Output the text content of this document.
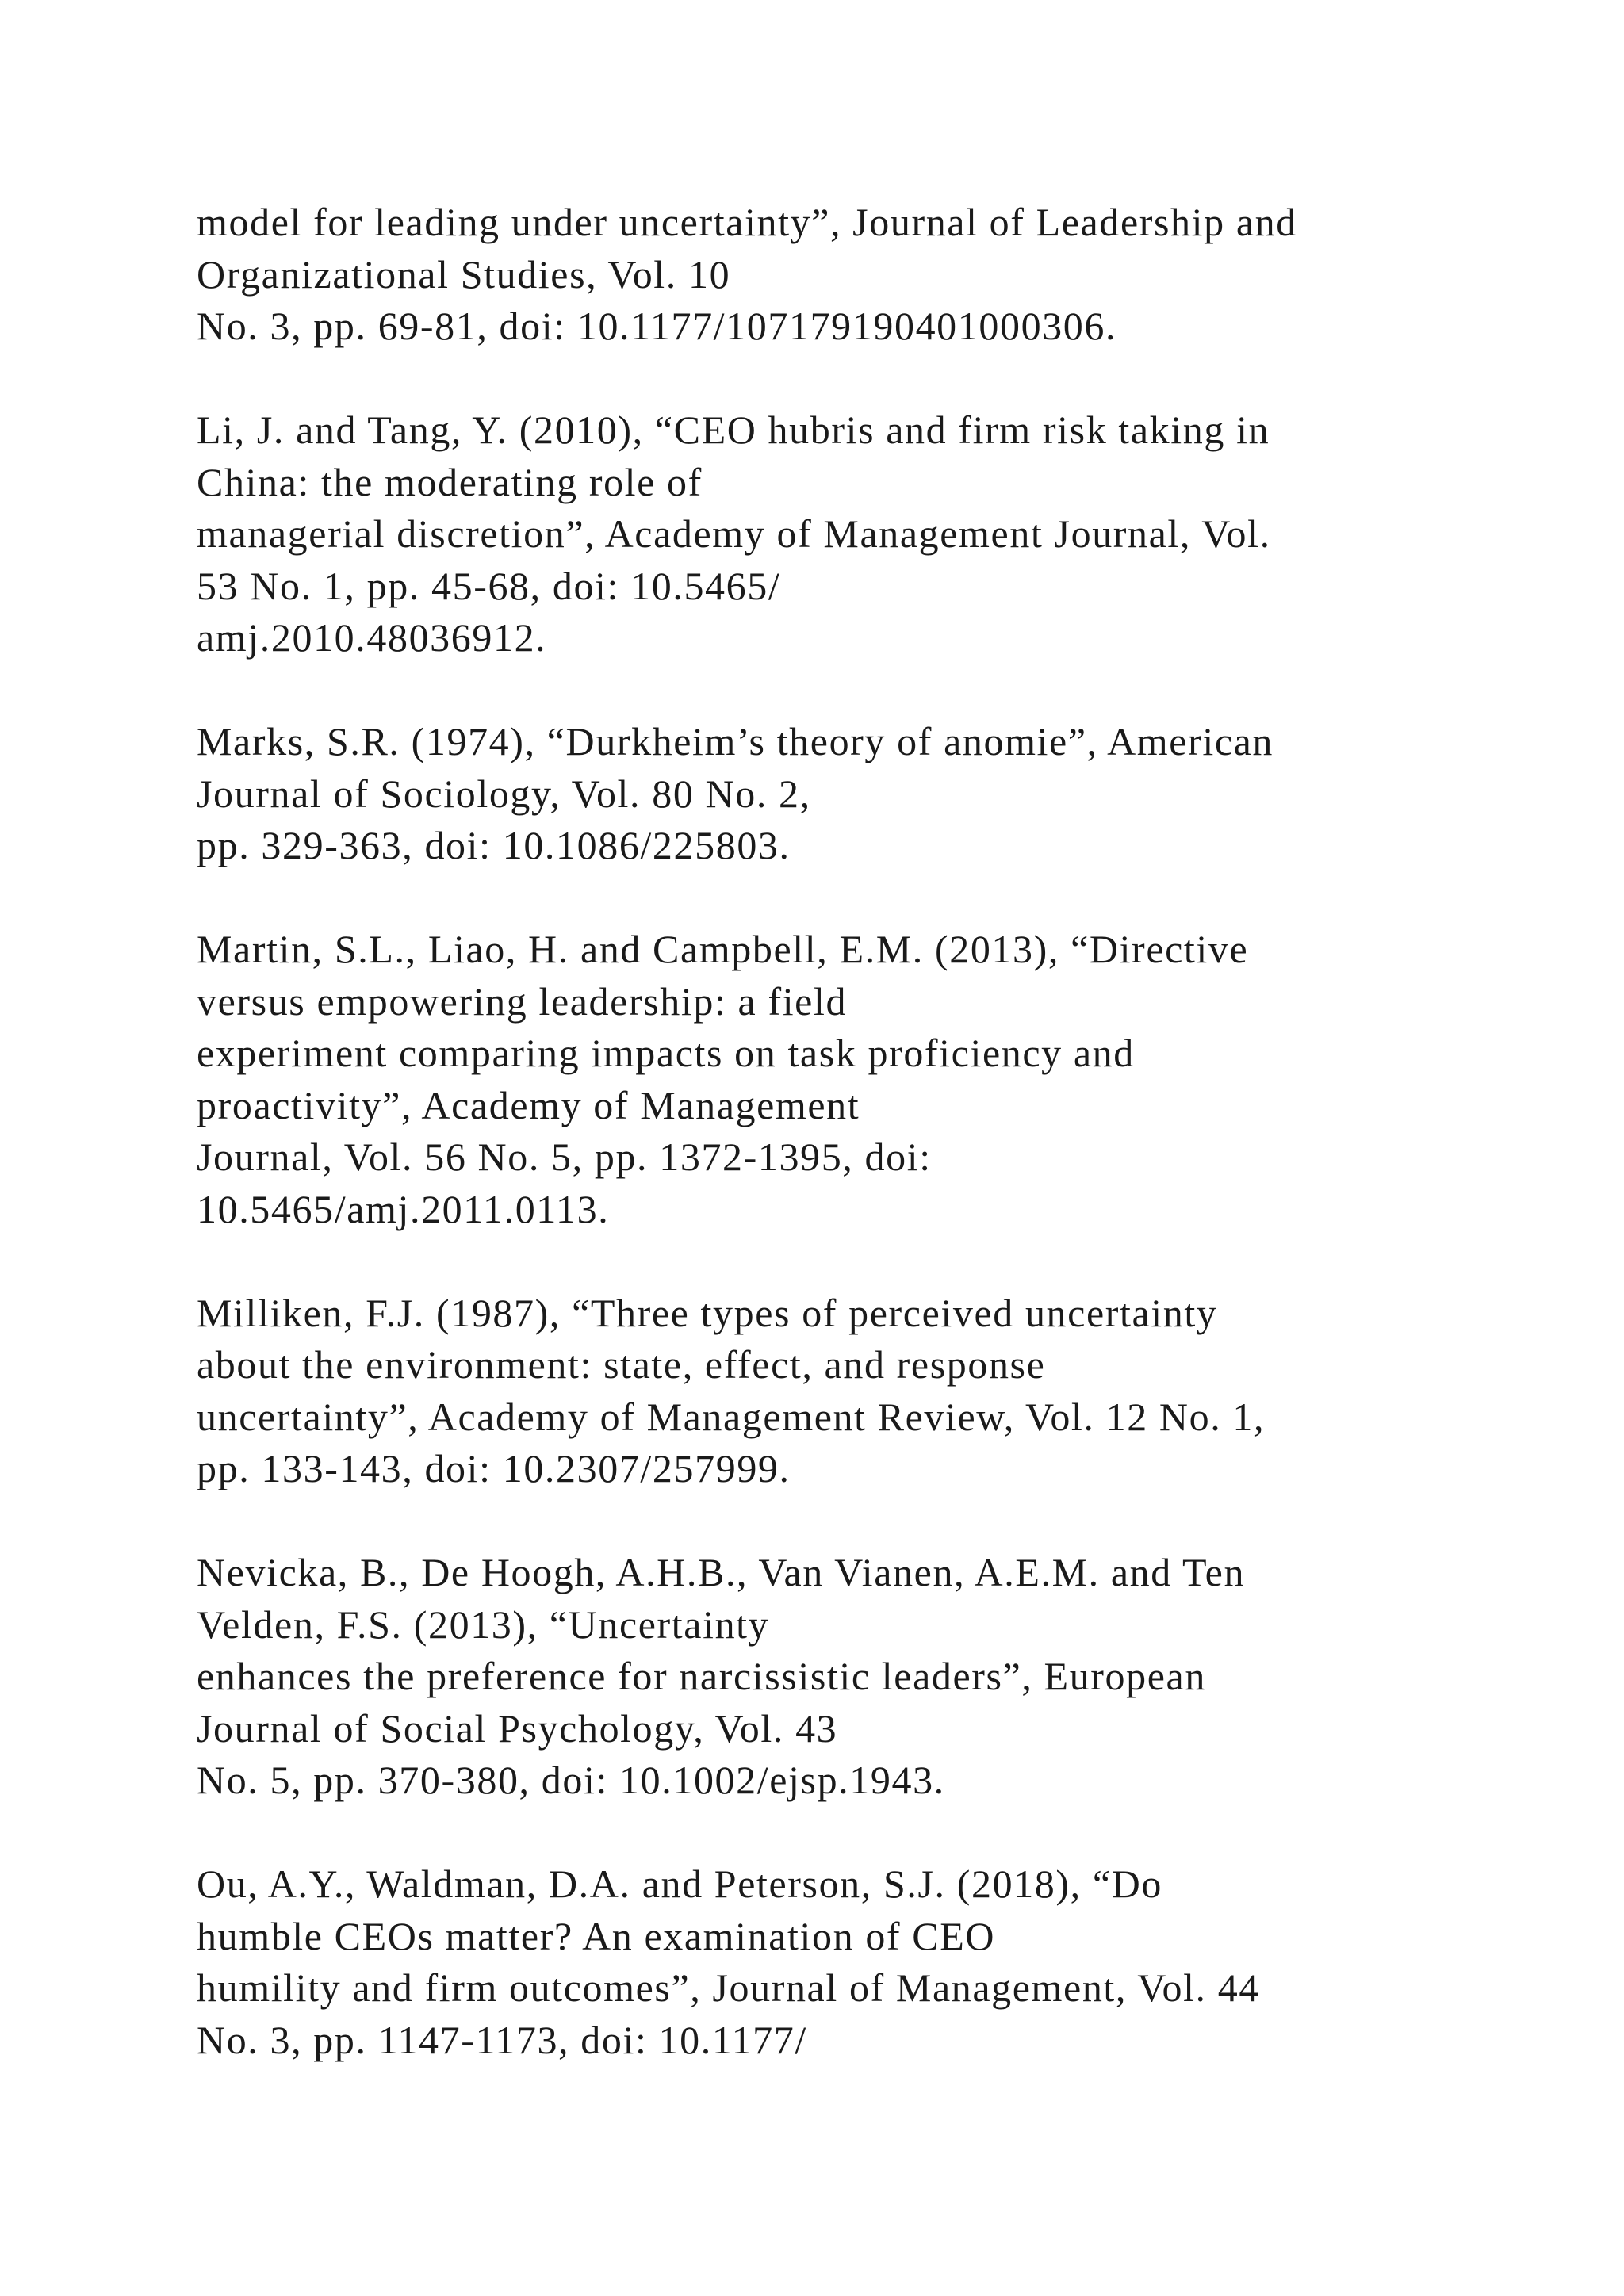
model for leading under uncertainty”, Journal of Leadership and
Organizational Studies, Vol. 10
No. 3, pp. 69-81, doi: 10.1177/107179190401000306.
Li, J. and Tang, Y. (2010), “CEO hubris and firm risk taking in
China: the moderating role of
managerial discretion”, Academy of Management Journal, Vol.
53 No. 1, pp. 45-68, doi: 10.5465/
amj.2010.48036912.
Marks, S.R. (1974), “Durkheim’s theory of anomie”, American
Journal of Sociology, Vol. 80 No. 2,
pp. 329-363, doi: 10.1086/225803.
Martin, S.L., Liao, H. and Campbell, E.M. (2013), “Directive
versus empowering leadership: a field
experiment comparing impacts on task proficiency and
proactivity”, Academy of Management
Journal, Vol. 56 No. 5, pp. 1372-1395, doi:
10.5465/amj.2011.0113.
Milliken, F.J. (1987), “Three types of perceived uncertainty
about the environment: state, effect, and response
uncertainty”, Academy of Management Review, Vol. 12 No. 1,
pp. 133-143, doi: 10.2307/257999.
Nevicka, B., De Hoogh, A.H.B., Van Vianen, A.E.M. and Ten
Velden, F.S. (2013), “Uncertainty
enhances the preference for narcissistic leaders”, European
Journal of Social Psychology, Vol. 43
No. 5, pp. 370-380, doi: 10.1002/ejsp.1943.
Ou, A.Y., Waldman, D.A. and Peterson, S.J. (2018), “Do
humble CEOs matter? An examination of CEO
humility and firm outcomes”, Journal of Management, Vol. 44
No. 3, pp. 1147-1173, doi: 10.1177/
